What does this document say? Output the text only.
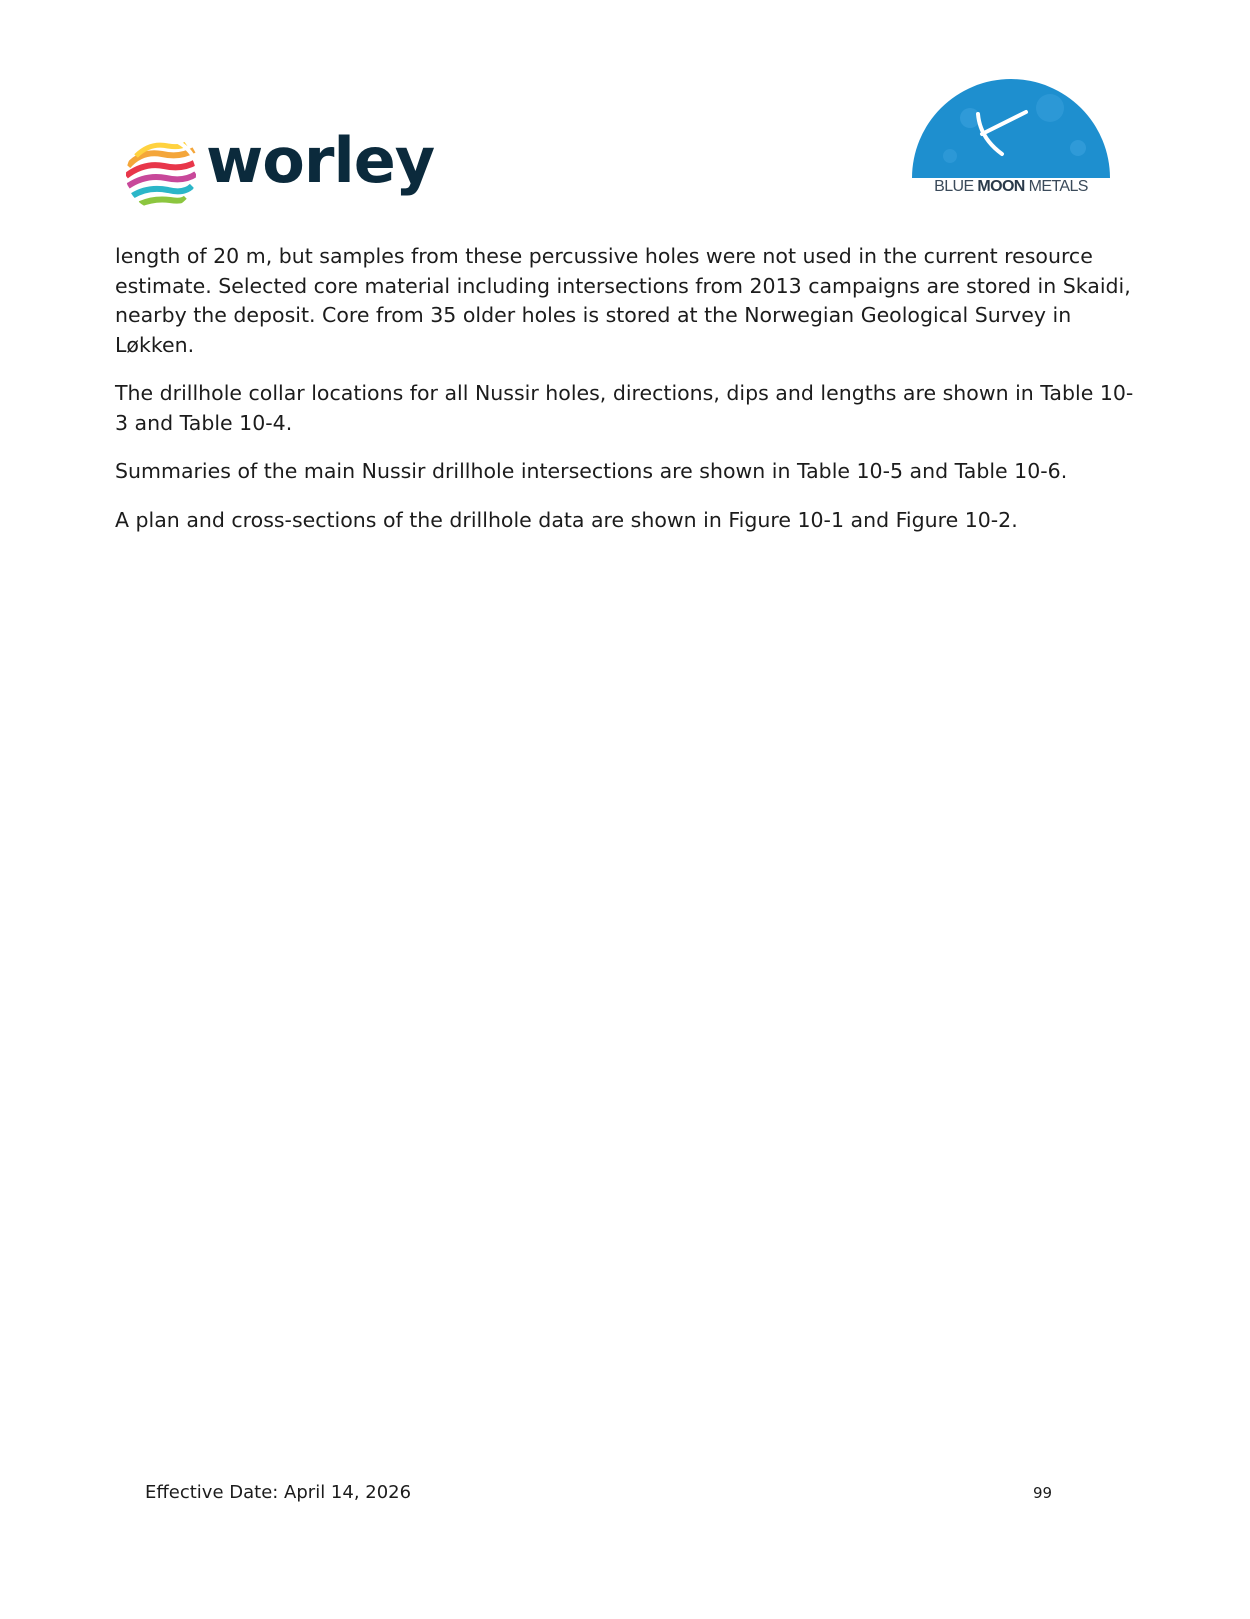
worley	BLUE MOON METALS

length of 20 m, but samples from these percussive holes were not used in the current resource estimate. Selected core material including intersections from 2013 campaigns are stored in Skaidi, nearby the deposit. Core from 35 older holes is stored at the Norwegian Geological Survey in Løkken.

The drillhole collar locations for all Nussir holes, directions, dips and lengths are shown in Table 10-3 and Table 10-4.

Summaries of the main Nussir drillhole intersections are shown in Table 10-5 and Table 10-6.

A plan and cross-sections of the drillhole data are shown in Figure 10-1 and Figure 10-2.

Effective Date: April 14, 2026	99
